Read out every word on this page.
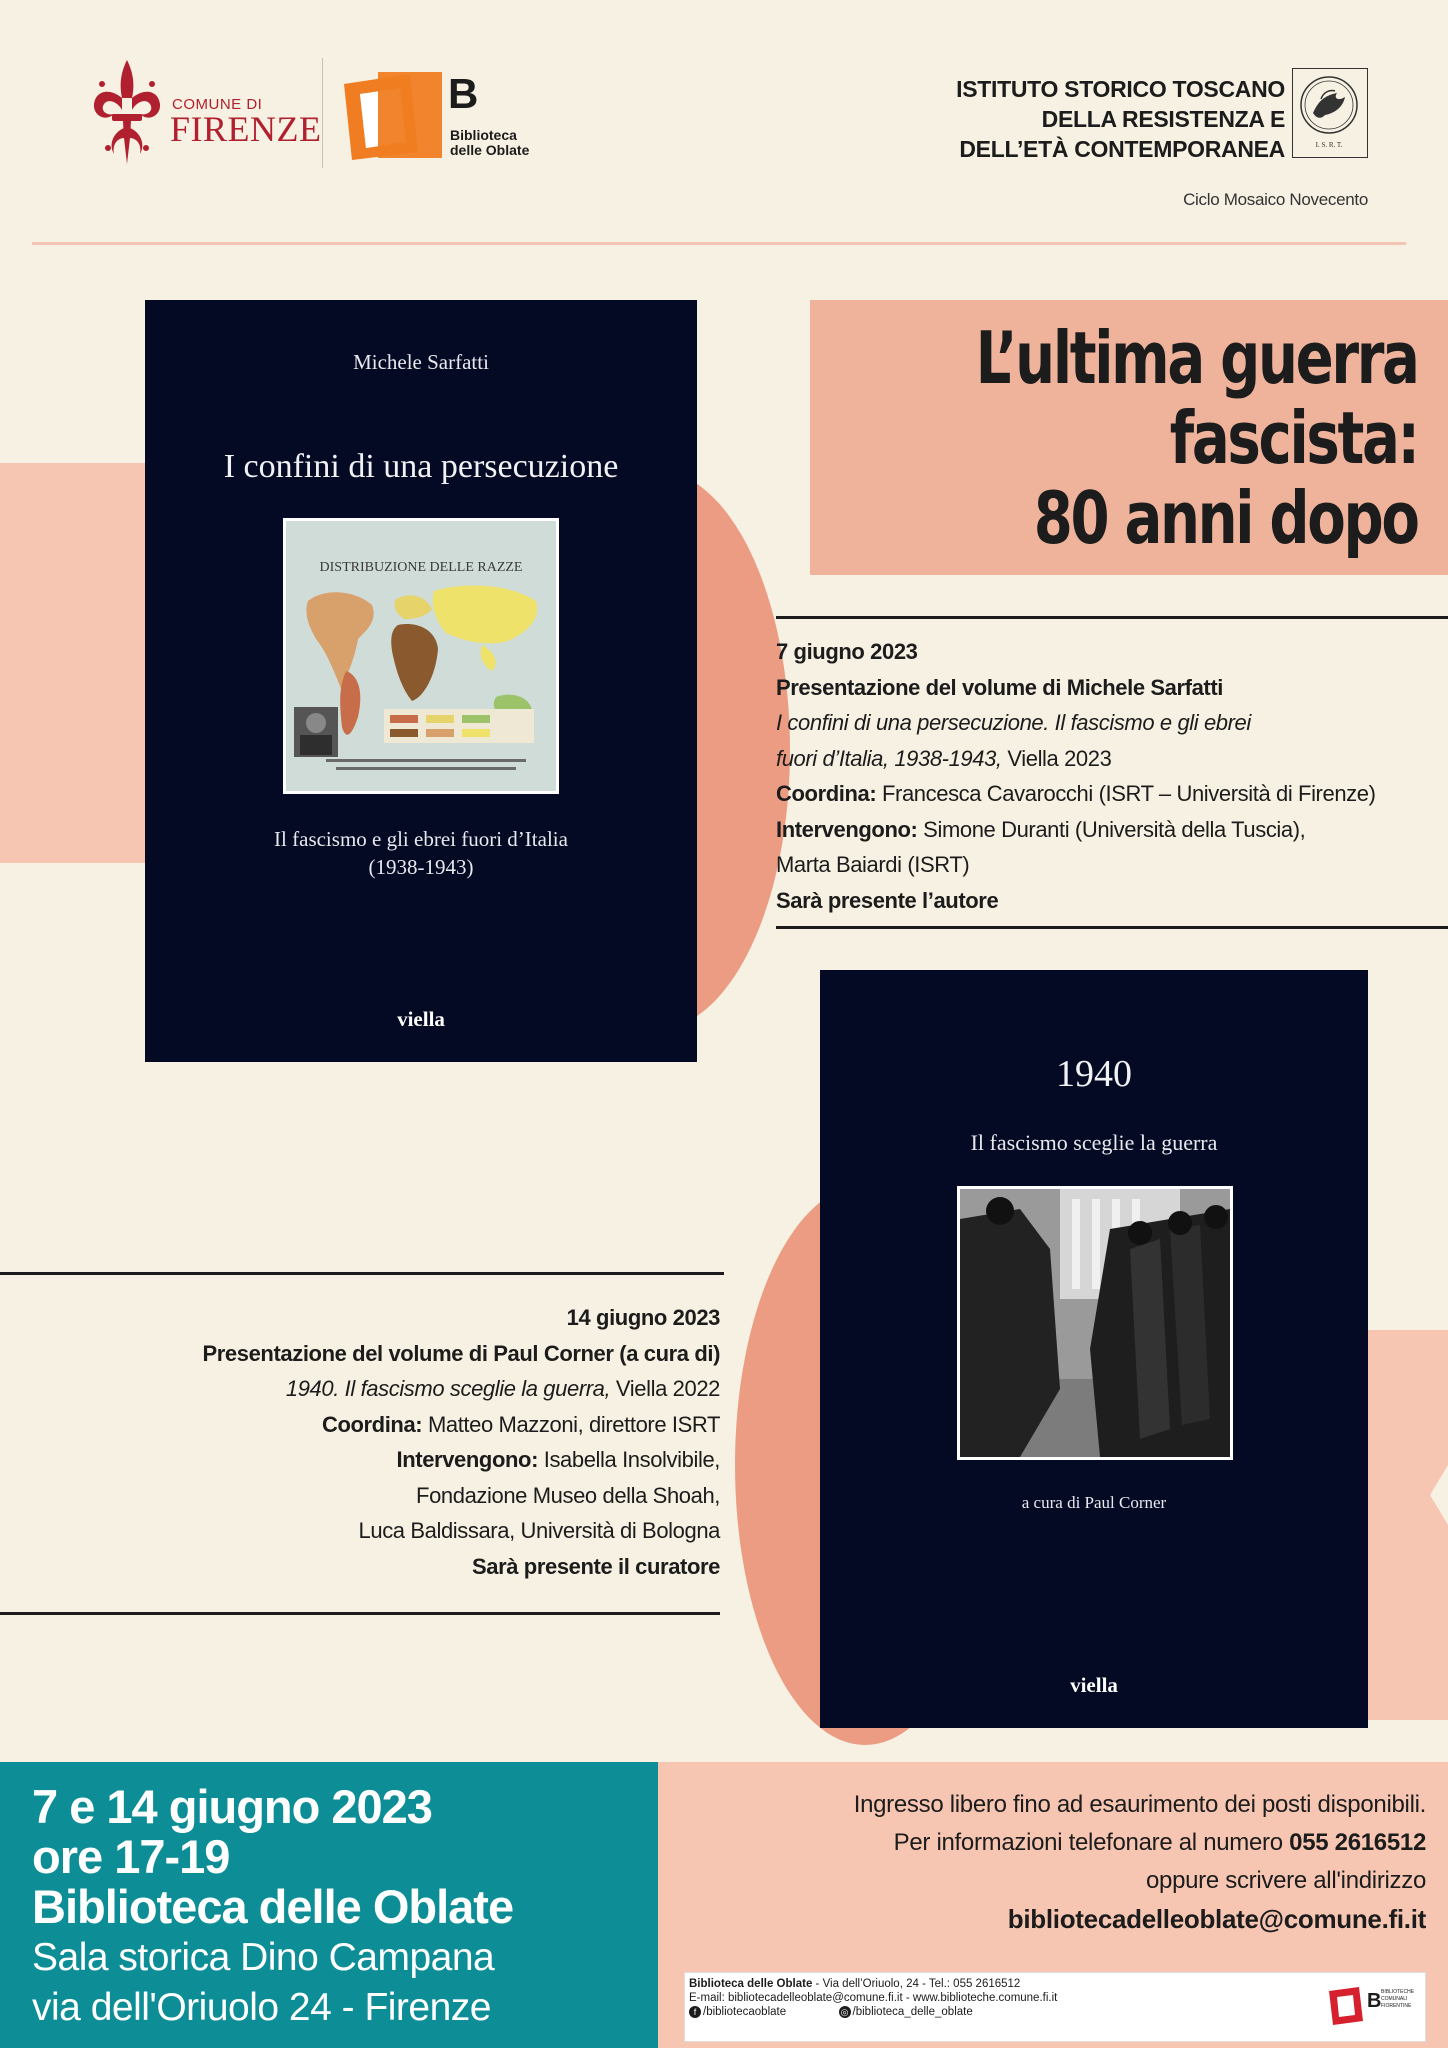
COMUNE DI
FIRENZE
B
Biblioteca
delle Oblate
ISTITUTO STORICO TOSCANO
DELLA RESISTENZA E
DELL’ETÀ CONTEMPORANEA	I. S. R. T.
Ciclo Mosaico Novecento
Michele Sarfatti
I confini di una persecuzione
DISTRIBUZIONE DELLE RAZZE
Il fascismo e gli ebrei fuori d’Italia
(1938-1943)
viella
L’ultima guerra
fascista:
80 anni dopo
7 giugno 2023
Presentazione del volume di Michele Sarfatti
I confini di una persecuzione. Il fascismo e gli ebrei
fuori d’Italia, 1938-1943, Viella 2023
Coordina: Francesca Cavarocchi (ISRT – Università di Firenze)
Intervengono: Simone Duranti (Università della Tuscia),
Marta Baiardi (ISRT)
Sarà presente l’autore
1940
Il fascismo sceglie la guerra
a cura di Paul Corner
viella
14 giugno 2023
Presentazione del volume di Paul Corner (a cura di)
1940. Il fascismo sceglie la guerra, Viella 2022
Coordina: Matteo Mazzoni, direttore ISRT
Intervengono: Isabella Insolvibile,
Fondazione Museo della Shoah,
Luca Baldissara, Università di Bologna
Sarà presente il curatore
7 e 14 giugno 2023
ore 17-19
Biblioteca delle Oblate
Sala storica Dino Campana
via dell'Oriuolo 24 - Firenze
Ingresso libero fino ad esaurimento dei posti disponibili.
Per informazioni telefonare al numero 055 2616512
oppure scrivere all'indirizzo
bibliotecadelleoblate@comune.fi.it
Biblioteca delle Oblate - Via dell’Oriuolo, 24 - Tel.: 055 2616512
E-mail: bibliotecadelleoblate@comune.fi.it - www.biblioteche.comune.fi.it
f /bibliotecaoblate	◎ /biblioteca_delle_oblate	B BIBLIOTECHE
COMUNALI
FIORENTINE
